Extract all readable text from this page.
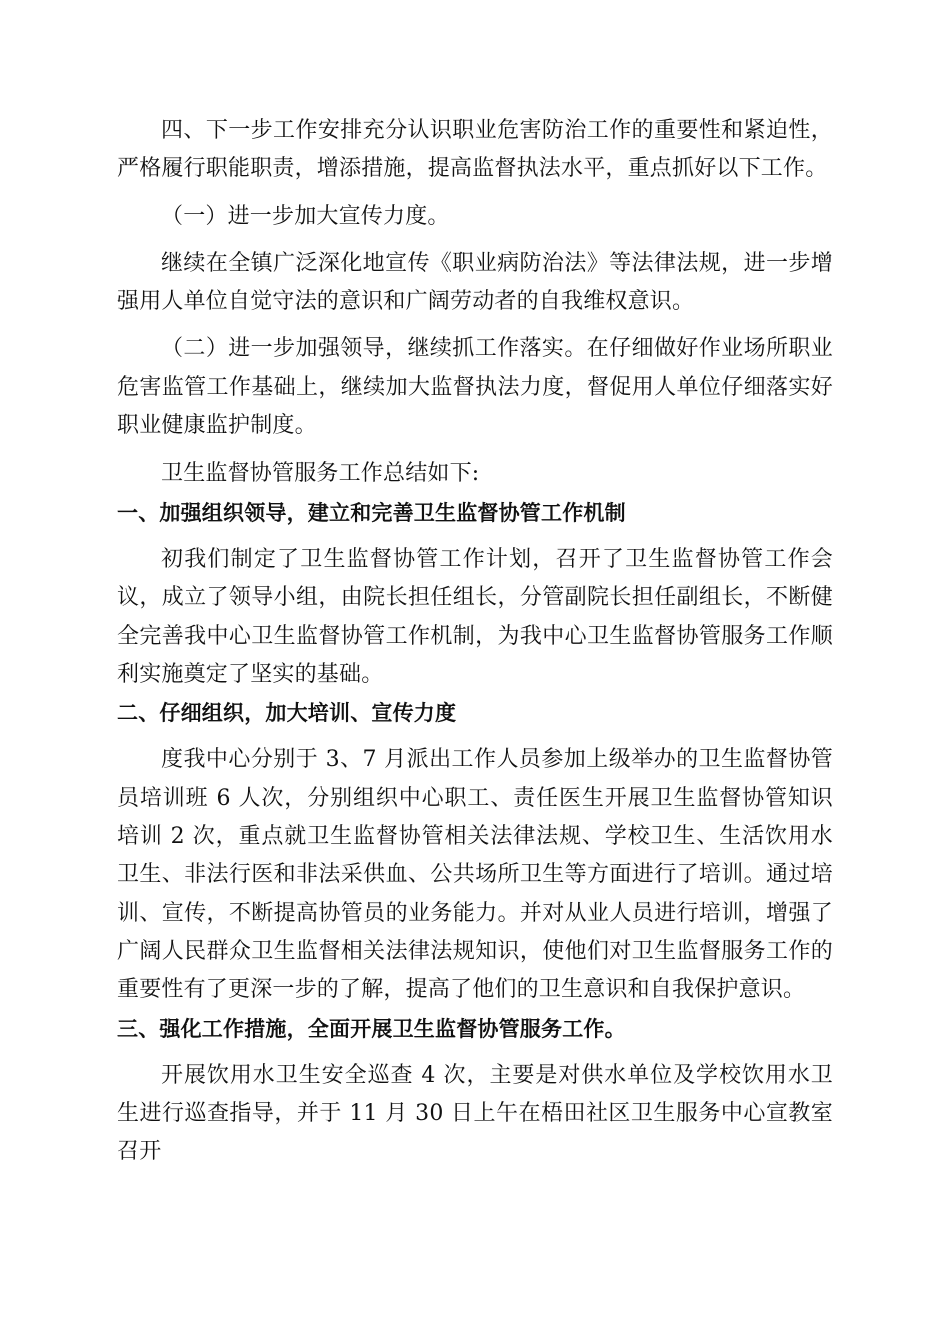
四、下一步工作安排充分认识职业危害防治工作的重要性和紧迫性，严格履行职能职责，增添措施，提高监督执法水平，重点抓好以下工作。

（一）进一步加大宣传力度。

继续在全镇广泛深化地宣传《职业病防治法》等法律法规，进一步增强用人单位自觉守法的意识和广阔劳动者的自我维权意识。

（二）进一步加强领导，继续抓工作落实。在仔细做好作业场所职业危害监管工作基础上，继续加大监督执法力度，督促用人单位仔细落实好职业健康监护制度。

卫生监督协管服务工作总结如下:

一、加强组织领导，建立和完善卫生监督协管工作机制

初我们制定了卫生监督协管工作计划，召开了卫生监督协管工作会议，成立了领导小组，由院长担任组长，分管副院长担任副组长，不断健全完善我中心卫生监督协管工作机制，为我中心卫生监督协管服务工作顺利实施奠定了坚实的基础。

二、仔细组织，加大培训、宣传力度

度我中心分别于 3、7 月派出工作人员参加上级举办的卫生监督协管员培训班 6 人次，分别组织中心职工、责任医生开展卫生监督协管知识培训 2 次，重点就卫生监督协管相关法律法规、学校卫生、生活饮用水卫生、非法行医和非法采供血、公共场所卫生等方面进行了培训。通过培训、宣传，不断提高协管员的业务能力。并对从业人员进行培训，增强了广阔人民群众卫生监督相关法律法规知识，使他们对卫生监督服务工作的重要性有了更深一步的了解，提高了他们的卫生意识和自我保护意识。

三、强化工作措施，全面开展卫生监督协管服务工作。

开展饮用水卫生安全巡查 4 次，主要是对供水单位及学校饮用水卫生进行巡查指导，并于 11 月 30 日上午在梧田社区卫生服务中心宣教室召开
